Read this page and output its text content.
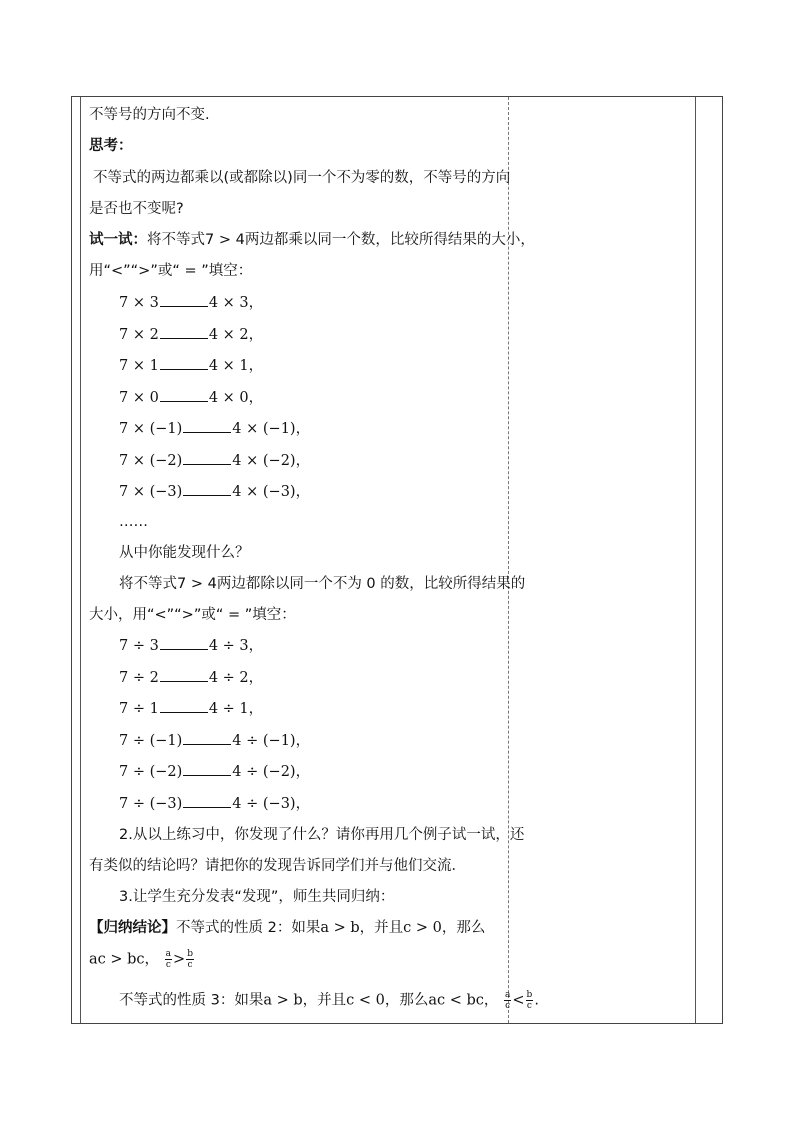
不等号的方向不变.
思考：
不等式的两边都乘以(或都除以)同一个不为零的数，不等号的方向
是否也不变呢?
试一试：将不等式7 > 4两边都乘以同一个数，比较所得结果的大小，
用“<”“>”或“ = ”填空：
7 × 3	4 × 3，
7 × 2	4 × 2，
7 × 1	4 × 1，
7 × 0	4 × 0，
7 × (−1)	4 × (−1)，
7 × (−2)	4 × (−2)，
7 × (−3)	4 × (−3)，
……
从中你能发现什么？
将不等式7 > 4两边都除以同一个不为 0 的数，比较所得结果的
大小，用“<”“>”或“ = ”填空：
7 ÷ 3	4 ÷ 3，
7 ÷ 2	4 ÷ 2，
7 ÷ 1	4 ÷ 1，
7 ÷ (−1)	4 ÷ (−1)，
7 ÷ (−2)	4 ÷ (−2)，
7 ÷ (−3)	4 ÷ (−3)，
2.从以上练习中，你发现了什么？请你再用几个例子试一试，还
有类似的结论吗？请把你的发现告诉同学们并与他们交流．
3.让学生充分发表“发现”，师生共同归纳：
【归纳结论】不等式的性质 2：如果a > b，并且c > 0，那么
ac > bc， $\frac{a}{c} > \frac{b}{c}$
不等式的性质 3：如果a > b，并且c < 0，那么ac < bc， $\frac{a}{c} < \frac{b}{c}$ .
